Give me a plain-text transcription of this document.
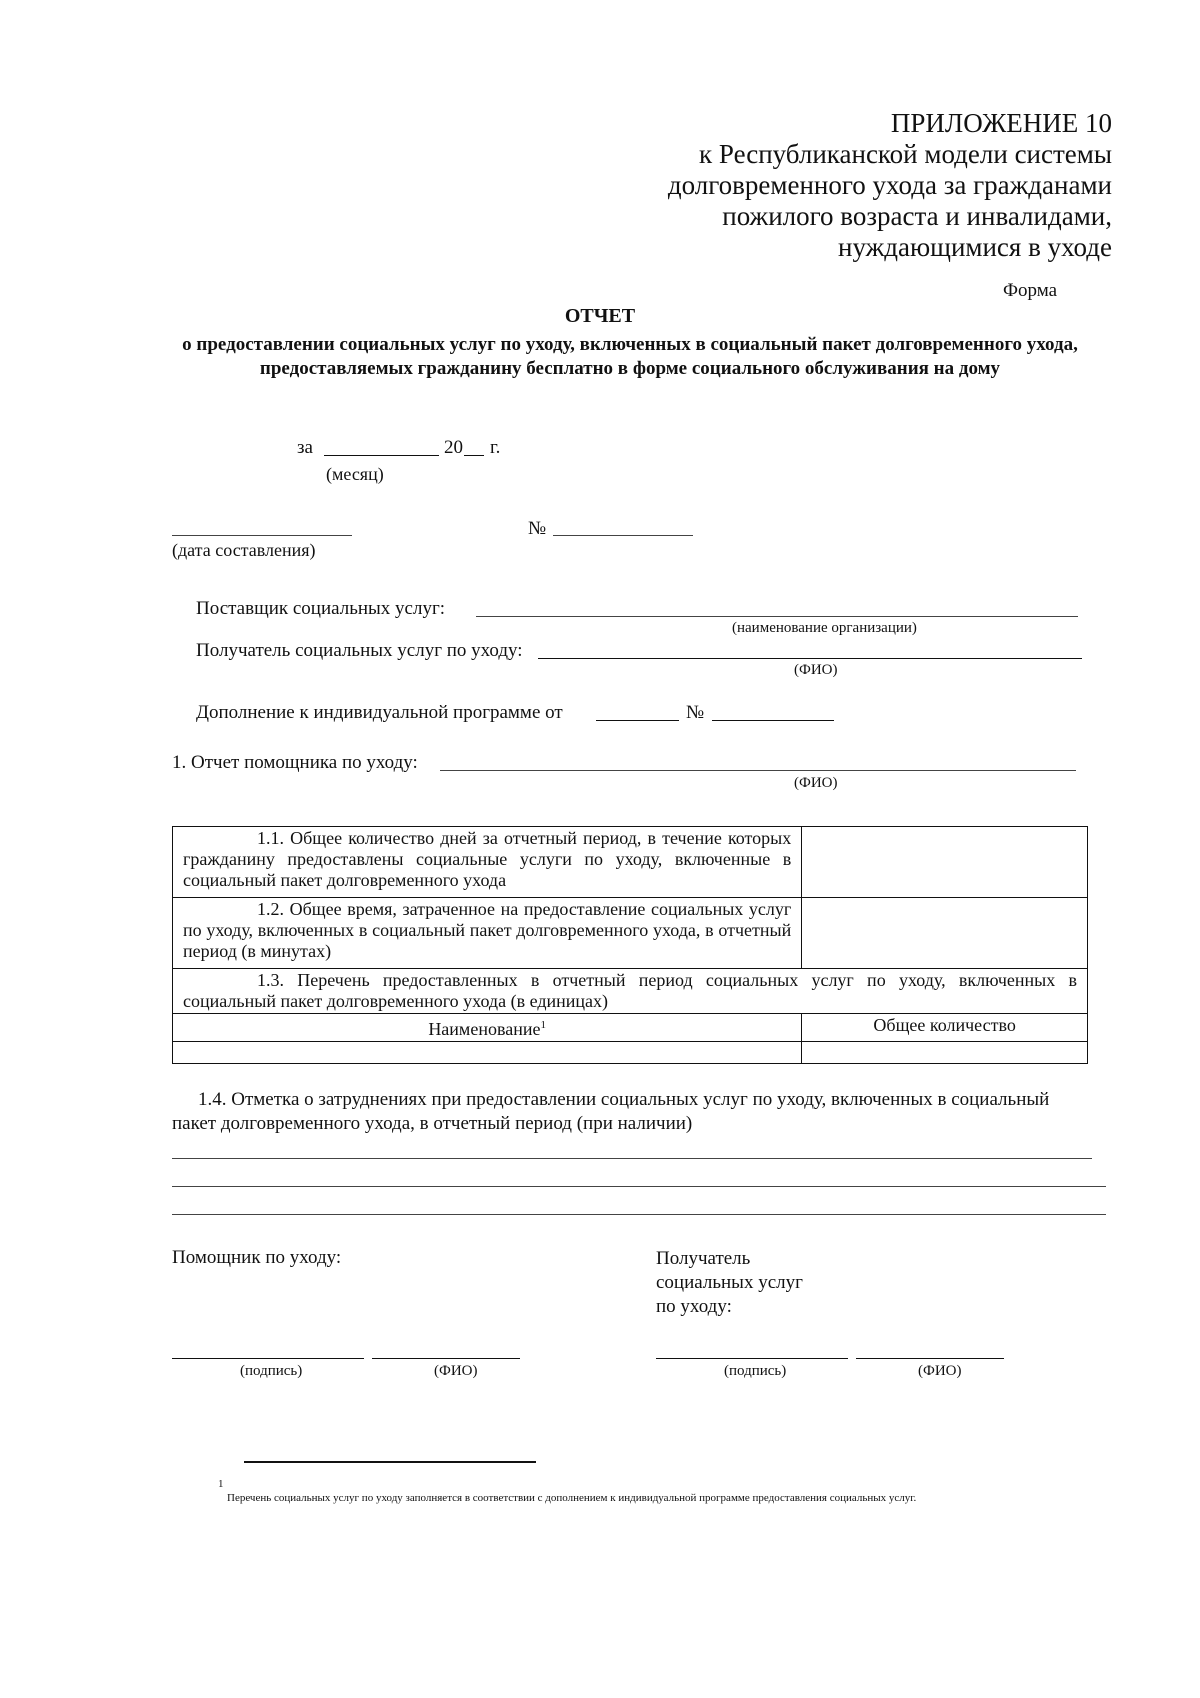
ПРИЛОЖЕНИЕ 10
к Республиканской модели системы
долговременного ухода за гражданами
пожилого возраста и инвалидами,
нуждающимися в уходе
Форма
ОТЧЕТ
о предоставлении социальных услуг по уходу, включенных в социальный пакет долговременного ухода, предоставляемых гражданину бесплатно в форме социального обслуживания на дому
за	20 г.
(месяц)
(дата составления)
№
Поставщик социальных услуг:
(наименование организации)
Получатель социальных услуг по уходу:
(ФИО)
Дополнение к индивидуальной программе от	№
1. Отчет помощника по уходу:
(ФИО)
1.1. Общее количество дней за отчетный период, в течение которых гражданину предоставлены социальные услуги по уходу, включенные в социальный пакет долговременного ухода	
1.2. Общее время, затраченное на предоставление социальных услуг по уходу, включенных в социальный пакет долговременного ухода, в отчетный период (в минутах)	
1.3. Перечень предоставленных в отчетный период социальных услуг по уходу, включенных в социальный пакет долговременного ухода (в единицах)	
Наименование$^1$	Общее количество

1.4. Отметка о затруднениях при предоставлении социальных услуг по уходу, включенных в социальный пакет долговременного ухода, в отчетный период (при наличии)
Помощник по уходу:	Получатель
социальных услуг
по уходу:
(подпись)	(ФИО)	(подпись)	(ФИО)
1
Перечень социальных услуг по уходу заполняется в соответствии с дополнением к индивидуальной программе предоставления социальных услуг.
